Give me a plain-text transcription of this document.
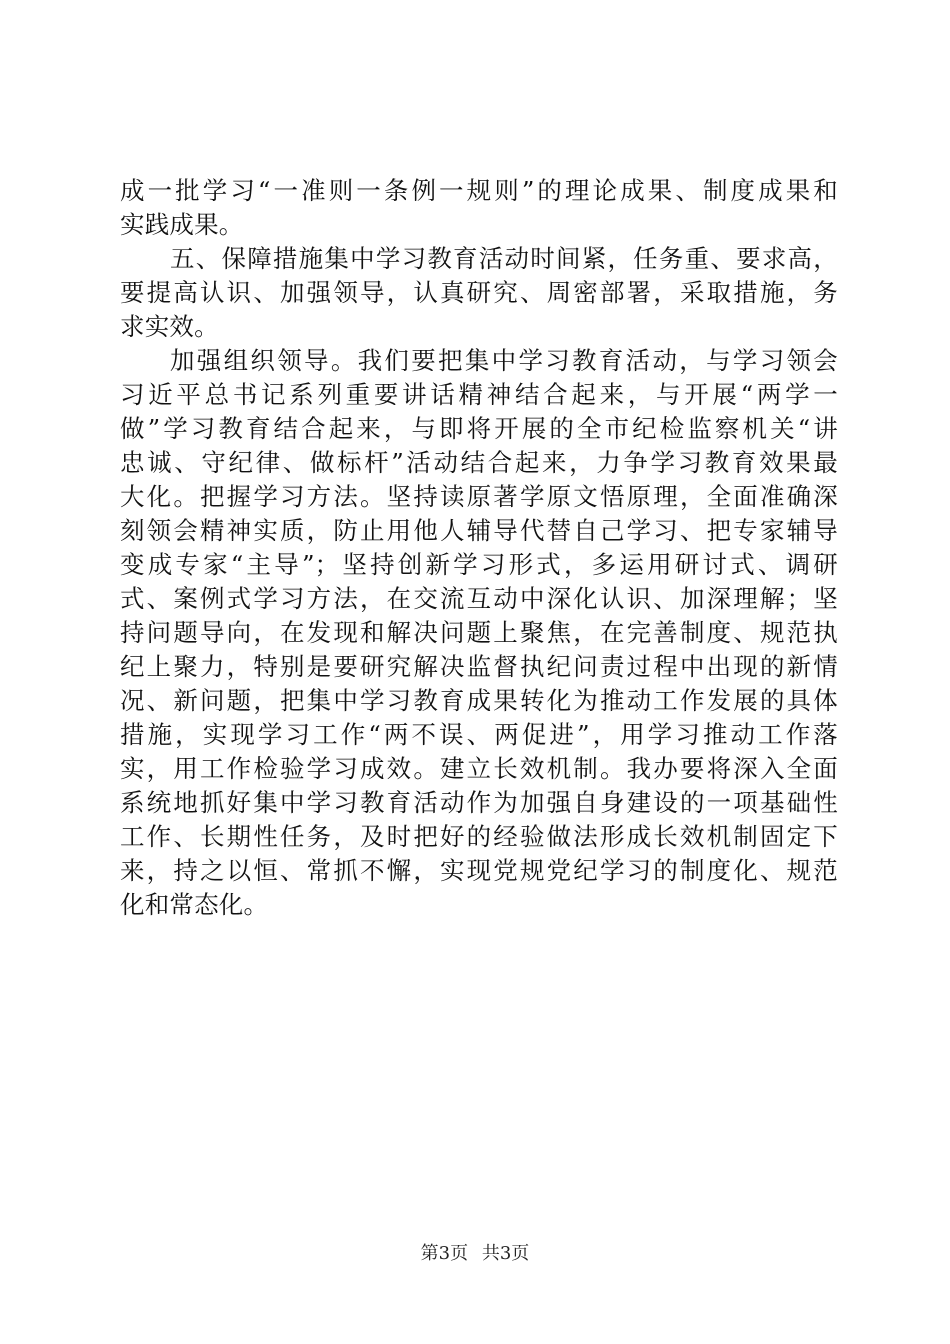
成一批学习“一准则一条例一规则”的理论成果、制度成果和
实践成果。
五、保障措施集中学习教育活动时间紧，任务重、要求高，
要提高认识、加强领导，认真研究、周密部署，采取措施，务
求实效。
加强组织领导。我们要把集中学习教育活动，与学习领会
习近平总书记系列重要讲话精神结合起来，与开展“两学一
做”学习教育结合起来，与即将开展的全市纪检监察机关“讲
忠诚、守纪律、做标杆”活动结合起来，力争学习教育效果最
大化。把握学习方法。坚持读原著学原文悟原理，全面准确深
刻领会精神实质，防止用他人辅导代替自己学习、把专家辅导
变成专家“主导”；坚持创新学习形式，多运用研讨式、调研
式、案例式学习方法，在交流互动中深化认识、加深理解；坚
持问题导向，在发现和解决问题上聚焦，在完善制度、规范执
纪上聚力，特别是要研究解决监督执纪问责过程中出现的新情
况、新问题，把集中学习教育成果转化为推动工作发展的具体
措施，实现学习工作“两不误、两促进”，用学习推动工作落
实，用工作检验学习成效。建立长效机制。我办要将深入全面
系统地抓好集中学习教育活动作为加强自身建设的一项基础性
工作、长期性任务，及时把好的经验做法形成长效机制固定下
来，持之以恒、常抓不懈，实现党规党纪学习的制度化、规范
化和常态化。
第3页 共3页
